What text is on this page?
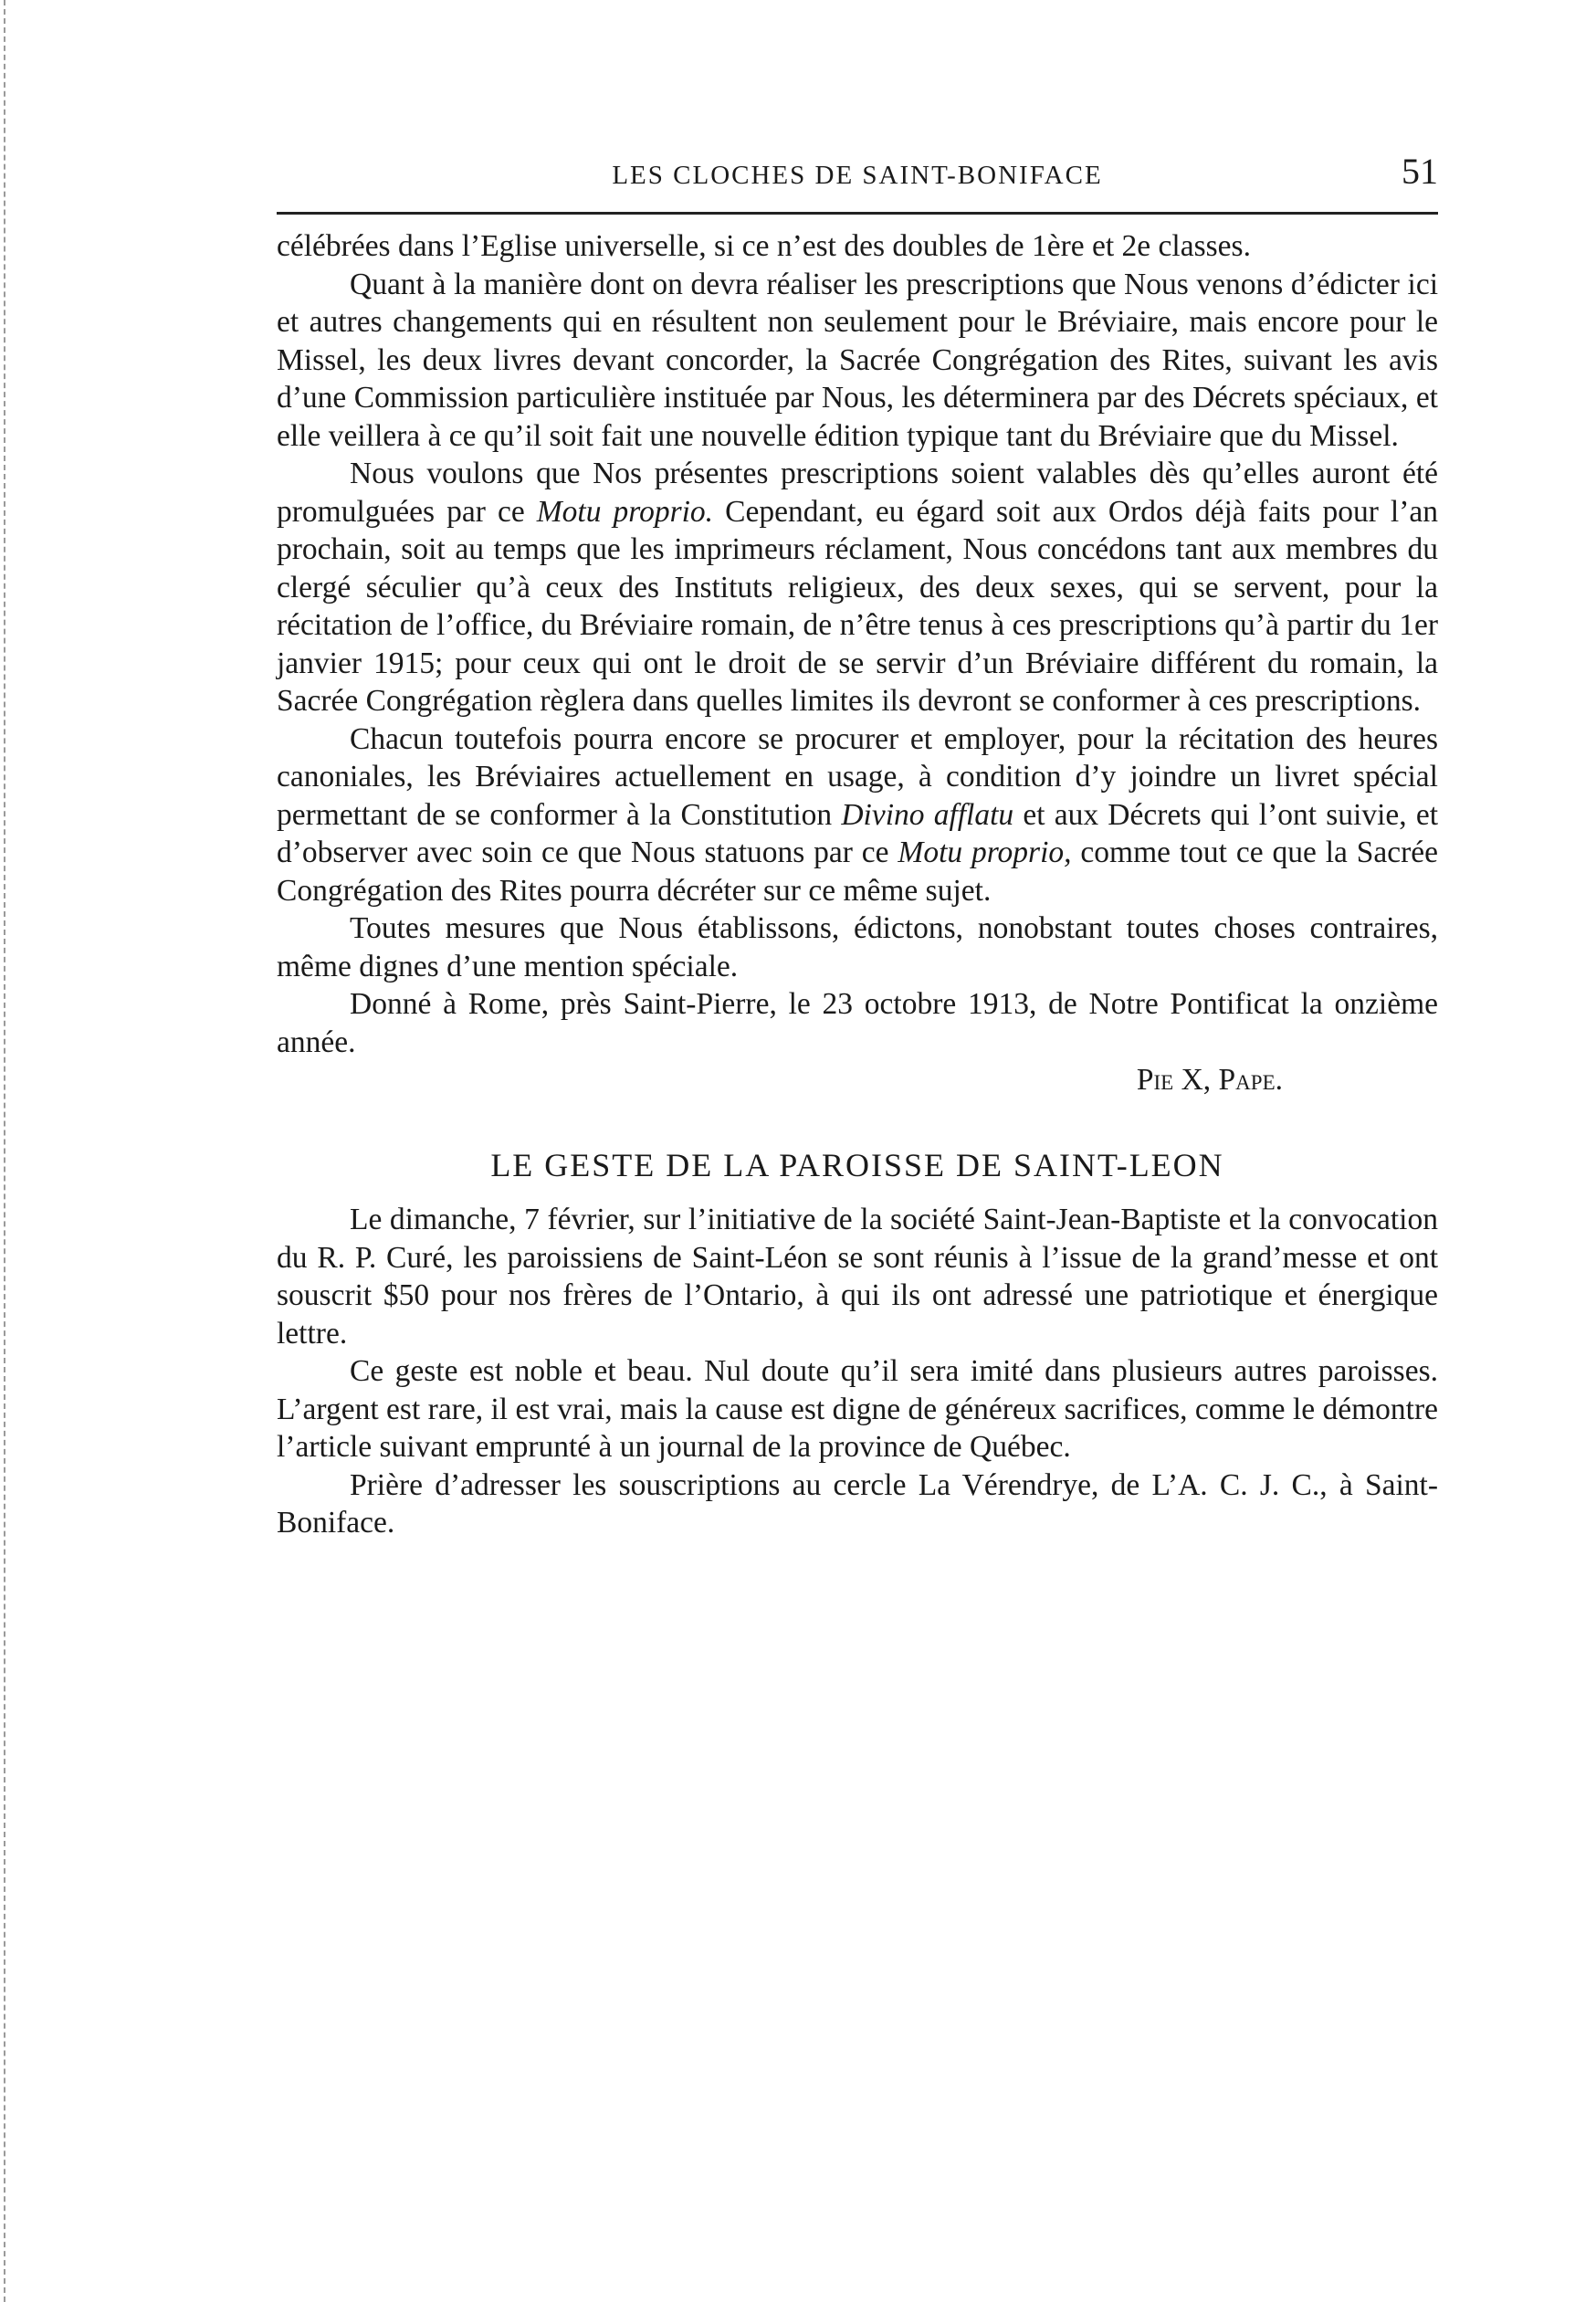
LES CLOCHES DE SAINT-BONIFACE	51

célébrées dans l’Eglise universelle, si ce n’est des doubles de 1ère et 2e classes.

Quant à la manière dont on devra réaliser les prescriptions que Nous venons d’édicter ici et autres changements qui en résultent non seulement pour le Bréviaire, mais encore pour le Missel, les deux livres devant concorder, la Sacrée Congrégation des Rites, suivant les avis d’une Commission particulière instituée par Nous, les déterminera par des Décrets spéciaux, et elle veillera à ce qu’il soit fait une nouvelle édition typique tant du Bréviaire que du Missel.

Nous voulons que Nos présentes prescriptions soient valables dès qu’elles auront été promulguées par ce Motu proprio. Cependant, eu égard soit aux Ordos déjà faits pour l’an prochain, soit au temps que les imprimeurs réclament, Nous concédons tant aux membres du clergé séculier qu’à ceux des Instituts religieux, des deux sexes, qui se servent, pour la récitation de l’office, du Bréviaire romain, de n’être tenus à ces prescriptions qu’à partir du 1er janvier 1915; pour ceux qui ont le droit de se servir d’un Bréviaire différent du romain, la Sacrée Congrégation règlera dans quelles limites ils devront se conformer à ces prescriptions.

Chacun toutefois pourra encore se procurer et employer, pour la récitation des heures canoniales, les Bréviaires actuellement en usage, à condition d’y joindre un livret spécial permettant de se conformer à la Constitution Divino afflatu et aux Décrets qui l’ont suivie, et d’observer avec soin ce que Nous statuons par ce Motu proprio, comme tout ce que la Sacrée Congrégation des Rites pourra décréter sur ce même sujet.

Toutes mesures que Nous établissons, édictons, nonobstant toutes choses contraires, même dignes d’une mention spéciale.

Donné à Rome, près Saint-Pierre, le 23 octobre 1913, de Notre Pontificat la onzième année.

Pie X, Pape.

LE GESTE DE LA PAROISSE DE SAINT-LEON

Le dimanche, 7 février, sur l’initiative de la société Saint-Jean-Baptiste et la convocation du R. P. Curé, les paroissiens de Saint-Léon se sont réunis à l’issue de la grand’messe et ont souscrit $50 pour nos frères de l’Ontario, à qui ils ont adressé une patriotique et énergique lettre.

Ce geste est noble et beau. Nul doute qu’il sera imité dans plusieurs autres paroisses. L’argent est rare, il est vrai, mais la cause est digne de généreux sacrifices, comme le démontre l’article suivant emprunté à un journal de la province de Québec.

Prière d’adresser les souscriptions au cercle La Vérendrye, de L’A. C. J. C., à Saint-Boniface.
